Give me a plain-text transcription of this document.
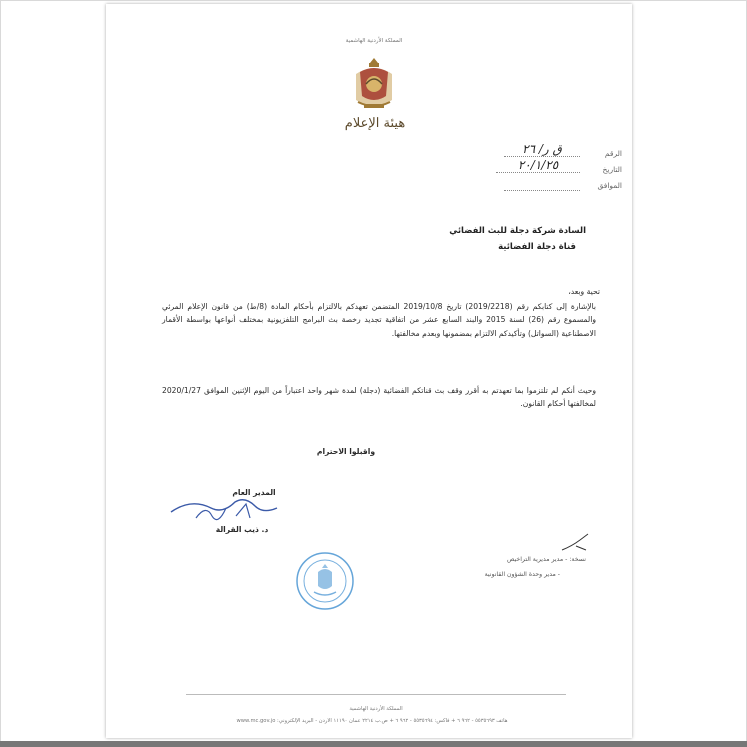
المملكة الأردنية الهاشمية
هيئة الإعلام
الرقم
ق ر/ ٢٦
التاريخ
٢٠/١/٢٥
الموافق
السادة شركة دجلة للبث الفضائي
قناة دجلة الفضائية
تحية وبعد،
بالإشارة إلى كتابكم رقم (2019/2218) تاريخ 2019/10/8 المتضمن تعهدكم بالالتزام بأحكام المادة (8/ط) من قانون الإعلام المرئي والمسموع رقم (26) لسنة 2015 والبند السابع عشر من اتفاقية تجديد رخصة بث البرامج التلفزيونية بمختلف أنواعها بواسطة الأقمار الاصطناعية (السواتل) وتأكيدكم الالتزام بمضمونها وبعدم مخالفتها.
وحيث أنكم لم تلتزموا بما تعهدتم به أقرر وقف بث قناتكم الفضائية (دجلة) لمدة شهر واحد اعتباراً من اليوم الإثنين الموافق 2020/1/27 لمخالفتها أحكام القانون.
واقبلوا الاحترام
المدير العام
د. ذيب القرالة
نسخة: - مدير مديرية التراخيص
- مدير وحدة الشؤون القانونية
المملكة الأردنية الهاشمية
هاتف ٥٥٣٥٦٩٣ - ٩٦٢ ٦ + فاكس: ٥٥٣٥٦٩٤ - ٩٦٢ ٦ + ص.ب ٢٢١٤ عمان ١١١٩٠ الأردن - البريد الإلكتروني: www.mc.gov.jo
